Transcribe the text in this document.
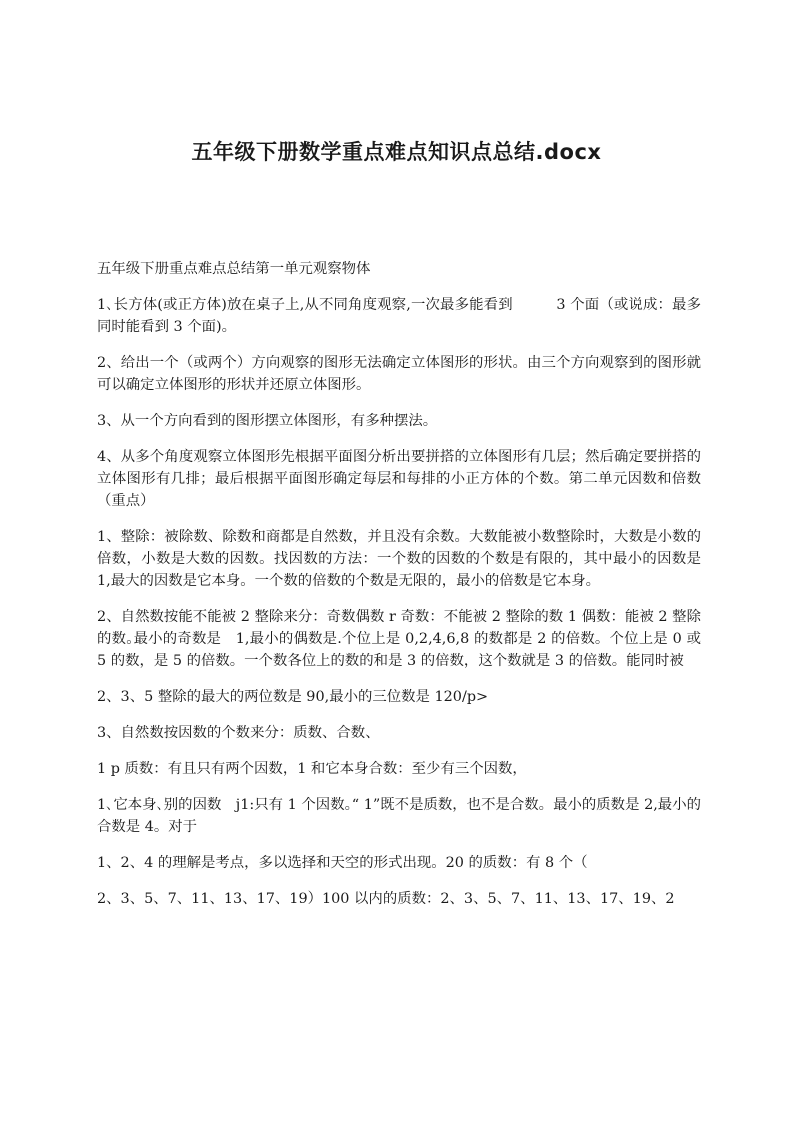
五年级下册数学重点难点知识点总结.docx

五年级下册重点难点总结第一单元观察物体

1､长方体(或正方体)放在桌子上,从不同角度观察,一次最多能看到　　　3 个面（或说成：最多同时能看到 3 个面)。

2、给出一个（或两个）方向观察的图形无法确定立体图形的形状。由三个方向观察到的图形就可以确定立体图形的形状并还原立体图形。

3、从一个方向看到的图形摆立体图形，有多种摆法。

4、从多个角度观察立体图形先根据平面图分析出要拼搭的立体图形有几层；然后确定要拼搭的立体图形有几排；最后根据平面图形确定每层和每排的小正方体的个数。第二单元因数和倍数（重点）

1、整除：被除数、除数和商都是自然数，并且没有余数。大数能被小数整除时，大数是小数的倍数，小数是大数的因数。找因数的方法：一个数的因数的个数是有限的，其中最小的因数是 1,最大的因数是它本身。一个数的倍数的个数是无限的，最小的倍数是它本身。

2、自然数按能不能被 2 整除来分：奇数偶数 r 奇数：不能被 2 整除的数 1 偶数：能被 2 整除的数｡最小的奇数是　1,最小的偶数是.个位上是 0,2,4,6,8 的数都是 2 的倍数。个位上是 0 或 5 的数，是 5 的倍数。一个数各位上的数的和是 3 的倍数，这个数就是 3 的倍数。能同时被

2、3、5 整除的最大的两位数是 90,最小的三位数是 120/p>

3、自然数按因数的个数来分：质数、合数、

1 p 质数：有且只有两个因数，1 和它本身合数：至少有三个因数，

1､它本身､别的因数　j1:只有 1 个因数｡“ 1”既不是质数，也不是合数。最小的质数是 2,最小的合数是 4。对于

1、2、4 的理解是考点，多以选择和天空的形式出现。20 的质数：有 8 个（

2、3、5、7、11、13、17、19）100 以内的质数：2、3、5、7、11、13、17、19、2
